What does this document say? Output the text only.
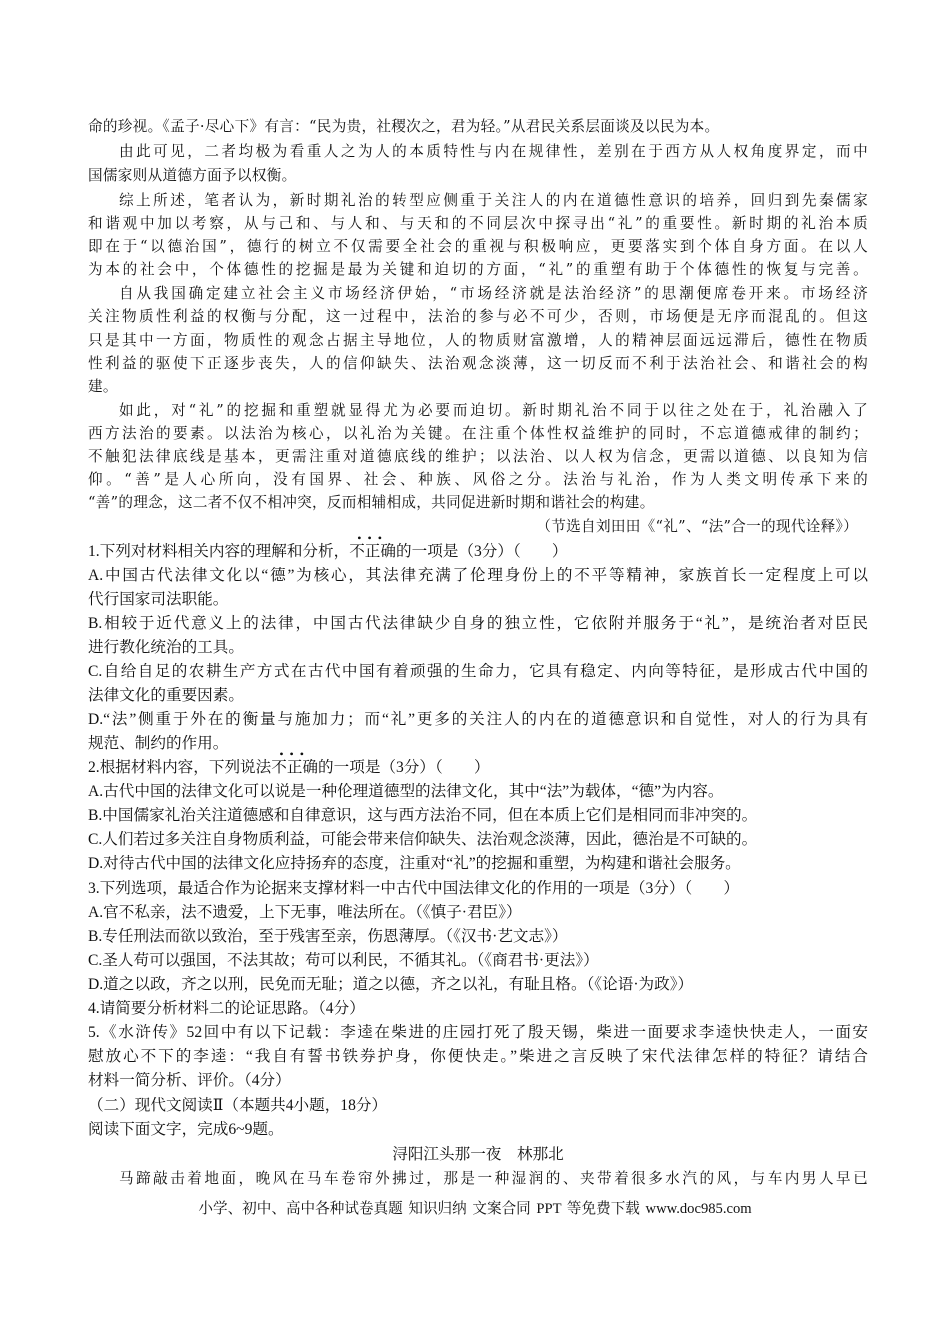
命的珍视。《孟子·尽心下》有言：“民为贵，社稷次之，君为轻。”从君民关系层面谈及以民为本。
由此可见，二者均极为看重人之为人的本质特性与内在规律性，差别在于西方从人权角度界定，而中
国儒家则从道德方面予以权衡。
综上所述，笔者认为，新时期礼治的转型应侧重于关注人的内在道德性意识的培养，回归到先秦儒家
和谐观中加以考察，从与己和、与人和、与天和的不同层次中探寻出“礼”的重要性。新时期的礼治本质
即在于“以德治国”，德行的树立不仅需要全社会的重视与积极响应，更要落实到个体自身方面。在以人
为本的社会中，个体德性的挖掘是最为关键和迫切的方面，“礼”的重塑有助于个体德性的恢复与完善。
自从我国确定建立社会主义市场经济伊始，“市场经济就是法治经济”的思潮便席卷开来。市场经济
关注物质性利益的权衡与分配，这一过程中，法治的参与必不可少，否则，市场便是无序而混乱的。但这
只是其中一方面，物质性的观念占据主导地位，人的物质财富激增，人的精神层面远远滞后，德性在物质
性利益的驱使下正逐步丧失，人的信仰缺失、法治观念淡薄，这一切反而不利于法治社会、和谐社会的构
建。
如此，对“礼”的挖掘和重塑就显得尤为必要而迫切。新时期礼治不同于以往之处在于，礼治融入了
西方法治的要素。以法治为核心，以礼治为关键。在注重个体性权益维护的同时，不忘道德戒律的制约；
不触犯法律底线是基本，更需注重对道德底线的维护；以法治、以人权为信念，更需以道德、以良知为信
仰。“善”是人心所向，没有国界、社会、种族、风俗之分。法治与礼治，作为人类文明传承下来的
“善”的理念，这二者不仅不相冲突，反而相辅相成，共同促进新时期和谐社会的构建。
（节选自刘田田《“礼”、“法”合一的现代诠释》）
1.下列对材料相关内容的理解和分析，
•••
不正确的一项是（3分）（　　）
A.中国古代法律文化以“德”为核心，其法律充满了伦理身份上的不平等精神，家族首长一定程度上可以
代行国家司法职能。
B.相较于近代意义上的法律，中国古代法律缺少自身的独立性，它依附并服务于“礼”，是统治者对臣民
进行教化统治的工具。
C.自给自足的农耕生产方式在古代中国有着顽强的生命力，它具有稳定、内向等特征，是形成古代中国的
法律文化的重要因素。
D.“法”侧重于外在的衡量与施加力；而“礼”更多的关注人的内在的道德意识和自觉性，对人的行为具有
规范、制约的作用。
2.根据材料内容，下列说法
•••
不正确的一项是（3分）（　　）
A.古代中国的法律文化可以说是一种伦理道德型的法律文化，其中“法”为载体，“德”为内容。
B.中国儒家礼治关注道德感和自律意识，这与西方法治不同，但在本质上它们是相同而非冲突的。
C.人们若过多关注自身物质利益，可能会带来信仰缺失、法治观念淡薄，因此，德治是不可缺的。
D.对待古代中国的法律文化应持扬弃的态度，注重对“礼”的挖掘和重塑，为构建和谐社会服务。
3.下列选项，最适合作为论据来支撑材料一中古代中国法律文化的作用的一项是（3分）（　　）
A.官不私亲，法不遗爱，上下无事，唯法所在。（《慎子·君臣》）
B.专任刑法而欲以致治，至于残害至亲，伤恩薄厚。（《汉书·艺文志》）
C.圣人苟可以强国，不法其故；苟可以利民，不循其礼。（《商君书·更法》）
D.道之以政，齐之以刑，民免而无耻；道之以德，齐之以礼，有耻且格。（《论语·为政》）
4.请简要分析材料二的论证思路。（4分）
5.《水浒传》52回中有以下记载：李逵在柴进的庄园打死了殷天锡，柴进一面要求李逵快快走人，一面安
慰放心不下的李逵：“我自有誓书铁券护身，你便快走。”柴进之言反映了宋代法律怎样的特征？请结合
材料一简分析、评价。（4分）
（二）现代文阅读Ⅱ（本题共4小题，18分）
阅读下面文字，完成6~9题。
浔阳江头那一夜　林那北
马蹄敲击着地面，晚风在马车卷帘外拂过，那是一种湿润的、夹带着很多水汽的风，与车内男人早已
小学、初中、高中各种试卷真题 知识归纳 文案合同 PPT 等免费下载 www.doc985.com
